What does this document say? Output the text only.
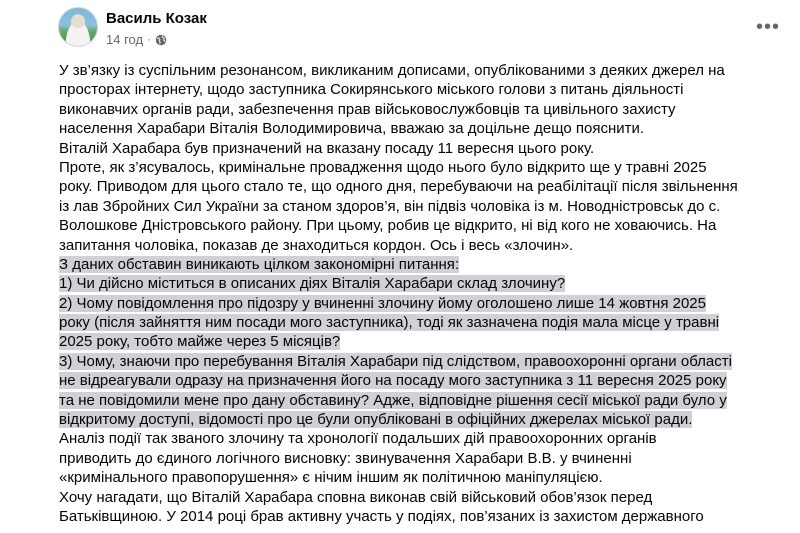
Василь Козак
14 год ·
•••
У зв’язку із суспільним резонансом, викликаним дописами, опублікованими з деяких джерел на
просторах інтернету, щодо заступника Сокирянського міського голови з питань діяльності
виконавчих органів ради, забезпечення прав військовослужбовців та цивільного захисту
населення Харабари Віталія Володимировича, вважаю за доцільне дещо пояснити.
Віталій Харабара був призначений на вказану посаду 11 вересня цього року.
Проте, як з’ясувалось, кримінальне провадження щодо нього було відкрито ще у травні 2025
року. Приводом для цього стало те, що одного дня, перебуваючи на реабілітації після звільнення
із лав Збройних Сил України за станом здоров’я, він підвіз чоловіка із м. Новодністровськ до с.
Волошкове Дністровського району. При цьому, робив це відкрито, ні від кого не ховаючись. На
запитання чоловіка, показав де знаходиться кордон. Ось і весь «злочин».
З даних обставин виникають цілком закономірні питання:
1) Чи дійсно міститься в описаних діях Віталія Харабари склад злочину?
2) Чому повідомлення про підозру у вчиненні злочину йому оголошено лише 14 жовтня 2025
року (після зайняття ним посади мого заступника), тоді як зазначена подія мала місце у травні
2025 року, тобто майже через 5 місяців?
3) Чому, знаючи про перебування Віталія Харабари під слідством, правоохоронні органи області
не відреагували одразу на призначення його на посаду мого заступника з 11 вересня 2025 року
та не повідомили мене про дану обставину? Адже, відповідне рішення сесії міської ради було у
відкритому доступі, відомості про це були опубліковані в офіційних джерелах міської ради.
Аналіз події так званого злочину та хронології подальших дій правоохоронних органів
приводить до єдиного логічного висновку: звинувачення Харабари В.В. у вчиненні
«кримінального правопорушення» є нічим іншим як політичною маніпуляцією.
Хочу нагадати, що Віталій Харабара сповна виконав свій військовий обов’язок перед
Батьківщиною. У 2014 році брав активну участь у подіях, пов’язаних із захистом державного
